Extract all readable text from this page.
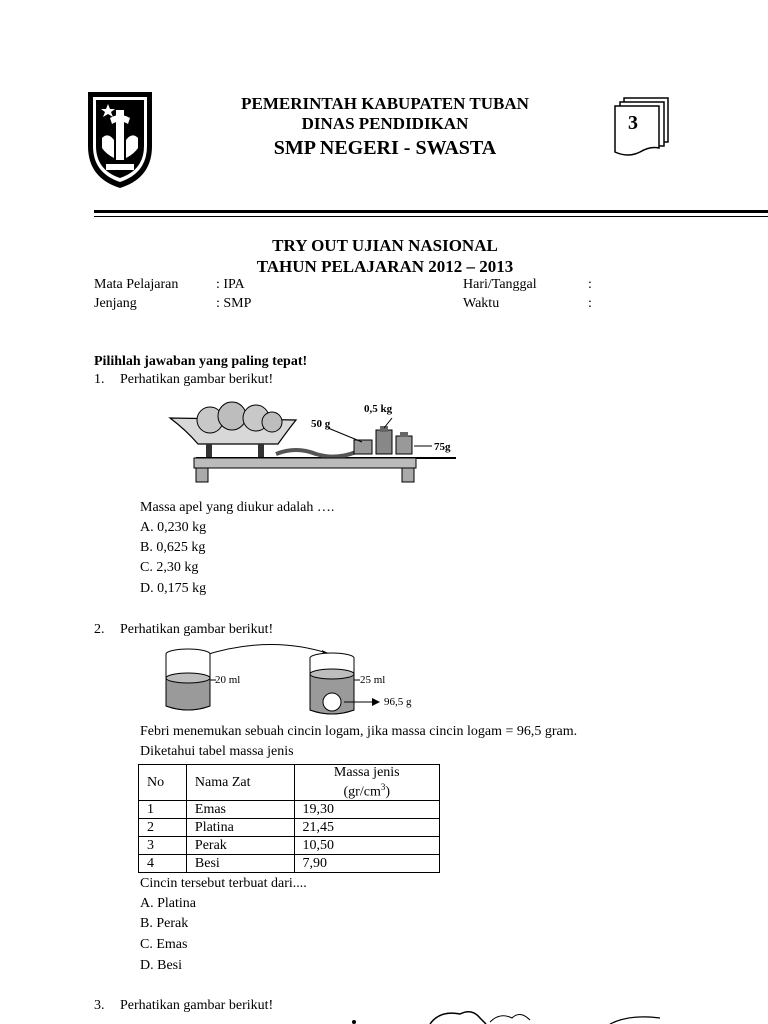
PEMERINTAH KABUPATEN TUBAN
DINAS PENDIDIKAN
SMP NEGERI - SWASTA
3
TRY OUT UJIAN NASIONAL
TAHUN PELAJARAN 2012 – 2013
Mata Pelajaran	: IPA	Hari/Tanggal	:
Jenjang	: SMP	Waktu	:
Pilihlah jawaban yang paling tepat!
1. Perhatikan gambar berikut!
0,5 kg
50 g
75g
Massa apel yang diukur adalah ….
A. 0,230 kg
B. 0,625 kg
C. 2,30 kg
D. 0,175 kg
2. Perhatikan gambar berikut!
20 ml	25 ml
96,5 g
Febri menemukan sebuah cincin logam, jika massa cincin logam = 96,5 gram.
Diketahui tabel massa jenis
No	Nama Zat	Massa jenis
$(gr/cm^3)$

1	Emas	19,30
2	Platina	21,45
3	Perak	10,50
4	Besi	7,90
Cincin tersebut terbuat dari....
A. Platina
B. Perak
C. Emas
D. Besi
3. Perhatikan gambar berikut!
